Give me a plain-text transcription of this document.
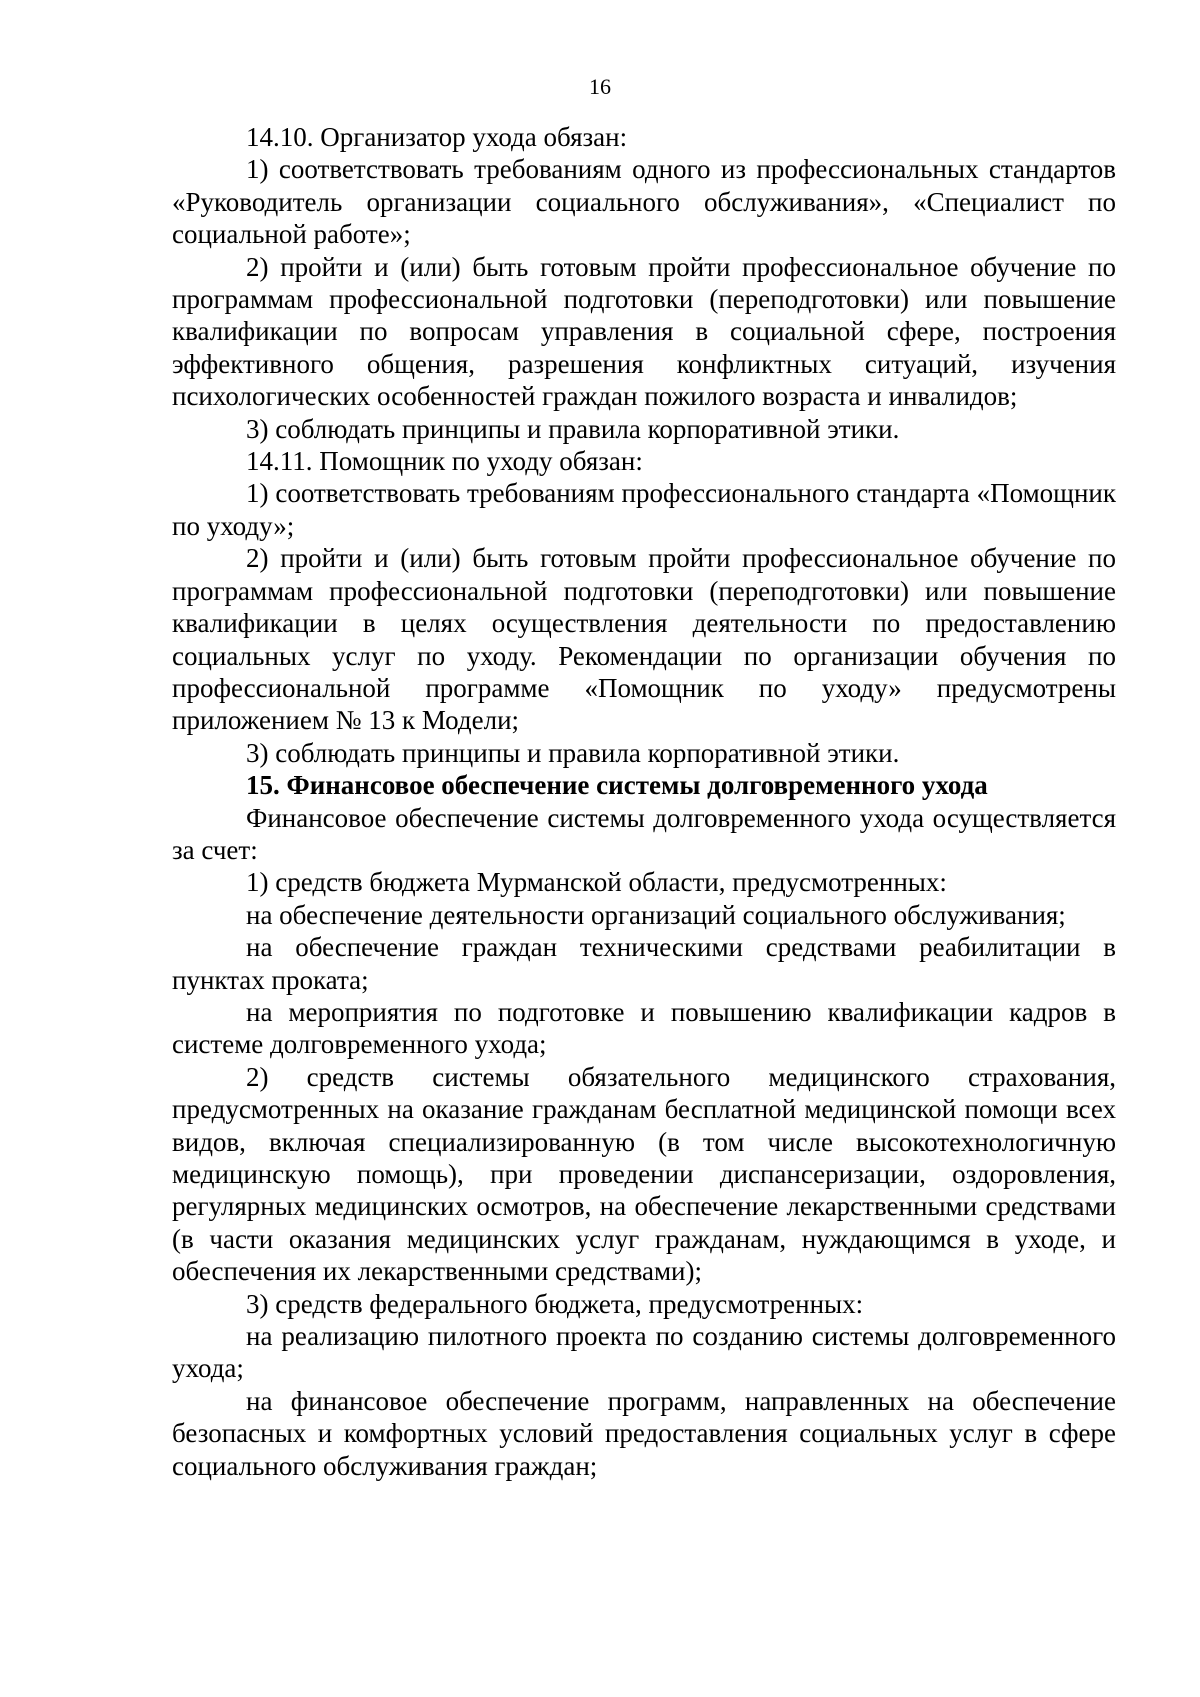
16

14.10. Организатор ухода обязан:

1) соответствовать требованиям одного из профессиональных стандартов «Руководитель организации социального обслуживания», «Специалист по социальной работе»;

2) пройти и (или) быть готовым пройти профессиональное обучение по программам профессиональной подготовки (переподготовки) или повышение квалификации по вопросам управления в социальной сфере, построения эффективного общения, разрешения конфликтных ситуаций, изучения психологических особенностей граждан пожилого возраста и инвалидов;

3) соблюдать принципы и правила корпоративной этики.

14.11. Помощник по уходу обязан:

1) соответствовать требованиям профессионального стандарта «Помощник по уходу»;

2) пройти и (или) быть готовым пройти профессиональное обучение по программам профессиональной подготовки (переподготовки) или повышение квалификации в целях осуществления деятельности по предоставлению социальных услуг по уходу. Рекомендации по организации обучения по профессиональной программе «Помощник по уходу» предусмотрены приложением № 13 к Модели;

3) соблюдать принципы и правила корпоративной этики.

15. Финансовое обеспечение системы долговременного ухода

Финансовое обеспечение системы долговременного ухода осуществляется за счет:

1) средств бюджета Мурманской области, предусмотренных:

на обеспечение деятельности организаций социального обслуживания;

на обеспечение граждан техническими средствами реабилитации в пунктах проката;

на мероприятия по подготовке и повышению квалификации кадров в системе долговременного ухода;

2) средств системы обязательного медицинского страхования, предусмотренных на оказание гражданам бесплатной медицинской помощи всех видов, включая специализированную (в том числе высокотехнологичную медицинскую помощь), при проведении диспансеризации, оздоровления, регулярных медицинских осмотров, на обеспечение лекарственными средствами (в части оказания медицинских услуг гражданам, нуждающимся в уходе, и обеспечения их лекарственными средствами);

3) средств федерального бюджета, предусмотренных:

на реализацию пилотного проекта по созданию системы долговременного ухода;

на финансовое обеспечение программ, направленных на обеспечение безопасных и комфортных условий предоставления социальных услуг в сфере социального обслуживания граждан;
